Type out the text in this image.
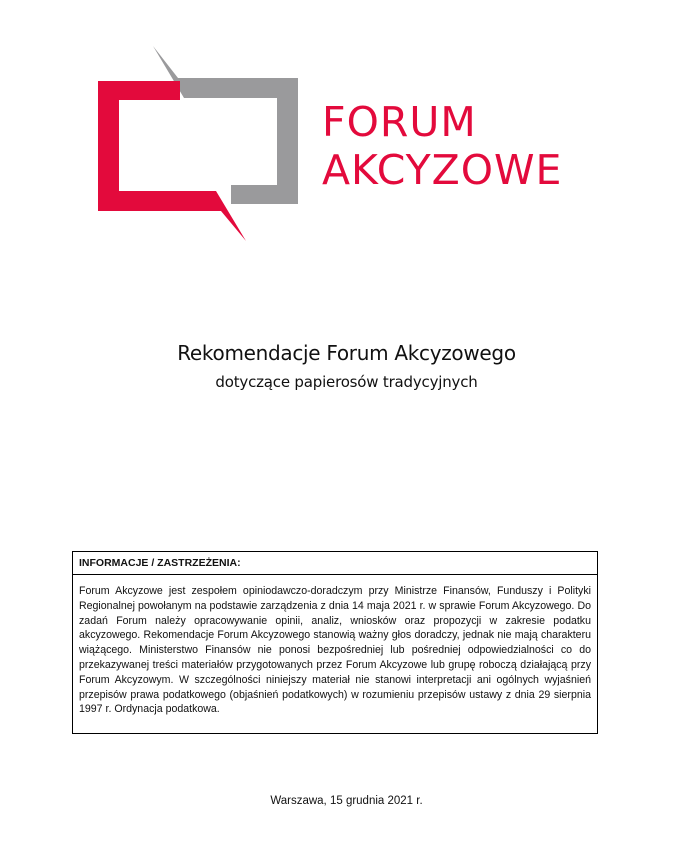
FORUM
AKCYZOWE
Rekomendacje Forum Akcyzowego
dotyczące papierosów tradycyjnych
INFORMACJE / ZASTRZEŻENIA:

Forum Akcyzowe jest zespołem opiniodawczo-doradczym przy Ministrze Finansów, Funduszy i Polityki Regionalnej powołanym na podstawie zarządzenia z dnia 14 maja 2021 r. w sprawie Forum Akcyzowego. Do zadań Forum należy opracowywanie opinii, analiz, wniosków oraz propozycji w zakresie podatku akcyzowego. Rekomendacje Forum Akcyzowego stanowią ważny głos doradczy, jednak nie mają charakteru wiążącego. Ministerstwo Finansów nie ponosi bezpośredniej lub pośredniej odpowiedzialności co do przekazywanej treści materiałów przygotowanych przez Forum Akcyzowe lub grupę roboczą działającą przy Forum Akcyzowym. W szczególności niniejszy materiał nie stanowi interpretacji ani ogólnych wyjaśnień przepisów prawa podatkowego (objaśnień podatkowych) w rozumieniu przepisów ustawy z dnia 29 sierpnia 1997 r. Ordynacja podatkowa.

Warszawa, 15 grudnia 2021 r.
